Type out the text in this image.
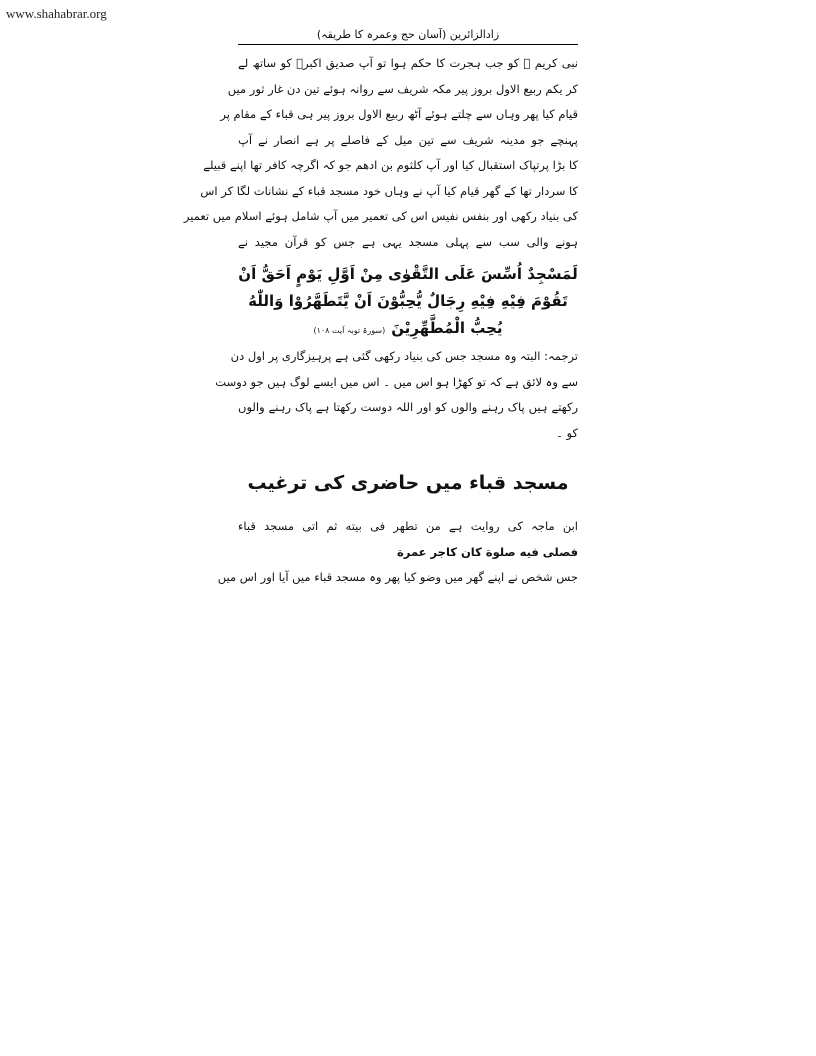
www.shahabrar.org
زادالزائرین (آسان حج وعمرہ کا طریقہ)
نبی کریم ﷺ کو جب ہجرت کا حکم ہوا تو آپ صدیق اکبرؓ کو ساتھ لے
کر یکم ربیع الاول بروز پیر مکہ شریف سے روانہ ہوئے تین دن غار ثور میں
قیام کیا پھر وہاں سے چلتے ہوئے آٹھ ربیع الاول بروز پیر ہی قباء کے مقام پر
پہنچے جو مدینہ شریف سے تین میل کے فاصلے پر ہے انصار نے آپ
کا بڑا پرتپاک استقبال کیا اور آپ کلثوم بن ادھم جو کہ اگرچہ کافر تھا اپنے قبیلے
کا سردار تھا کے گھر قیام کیا آپ نے وہاں خود مسجد قباء کے نشانات لگا کر اس
کی بنیاد رکھی اور بنفس نفیس اس کی تعمیر میں آپ شامل ہوئے اسلام میں تعمیر
ہونے والی سب سے پہلی مسجد یہی ہے جس کو قرآن مجید نے
لَمَسْجِدٌ اُسِّسَ عَلَى التَّقْوٰى مِنْ اَوَّلِ يَوْمٍ اَحَقُّ اَنْ
تَقُوْمَ فِيْهِ فِيْهِ رِجَالٌ يُّحِبُّوْنَ اَنْ يَّتَطَهَّرُوْا وَاللّٰهُ
يُحِبُّ الْمُطَّهِّرِيْنَ
(سورۃ توبہ آیت ۱۰۸)
ترجمہ: البتہ وہ مسجد جس کی بنیاد رکھی گئی ہے پرہیزگاری پر اول دن
سے وہ لائق ہے کہ تو کھڑا ہو اس میں ۔ اس میں ایسے لوگ ہیں جو دوست
رکھتے ہیں پاک رہنے والوں کو اور اللہ دوست رکھتا ہے پاک رہنے والوں
کو ۔
مسجد قباء میں حاضری کی ترغیب
ابن ماجہ کی روایت ہے من تطهر فی بيته ثم اتى مسجد قباء
فصلى فيه صلوة كان كاجر عمرة
جس شخص نے اپنے گھر میں وضو کیا پھر وہ مسجد قباء میں آیا اور اس میں
